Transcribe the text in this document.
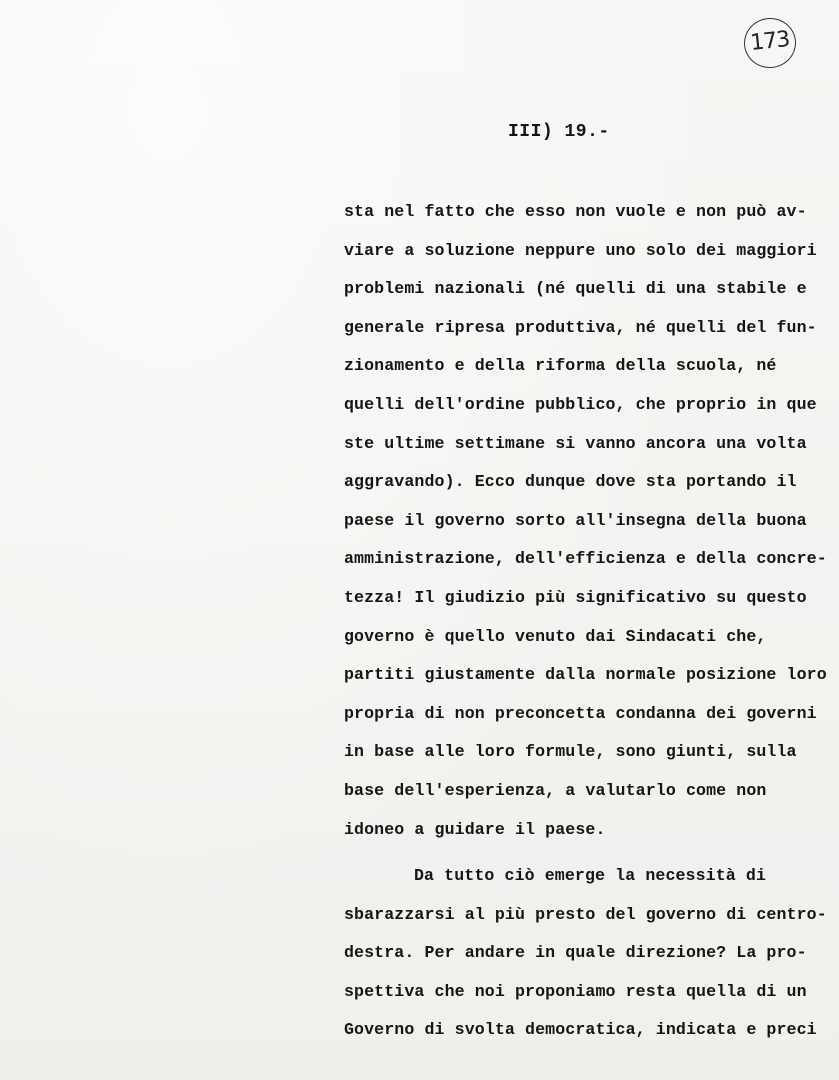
173
III) 19.-
sta nel fatto che esso non vuole e non può av-
viare a soluzione neppure uno solo dei maggiori
problemi nazionali (né quelli di una stabile e
generale ripresa produttiva, né quelli del fun-
zionamento e della riforma della scuola, né
quelli dell'ordine pubblico, che proprio in que
ste ultime settimane si vanno ancora una volta
aggravando). Ecco dunque dove sta portando il
paese il governo sorto all'insegna della buona
amministrazione, dell'efficienza e della concre-
tezza! Il giudizio più significativo su questo
governo è quello venuto dai Sindacati che,
partiti giustamente dalla normale posizione loro
propria di non preconcetta condanna dei governi
in base alle loro formule, sono giunti, sulla
base dell'esperienza, a valutarlo come non
idoneo a guidare il paese.
Da tutto ciò emerge la necessità di
sbarazzarsi al più presto del governo di centro-
destra. Per andare in quale direzione? La pro-
spettiva che noi proponiamo resta quella di un
Governo di svolta democratica, indicata e preci
